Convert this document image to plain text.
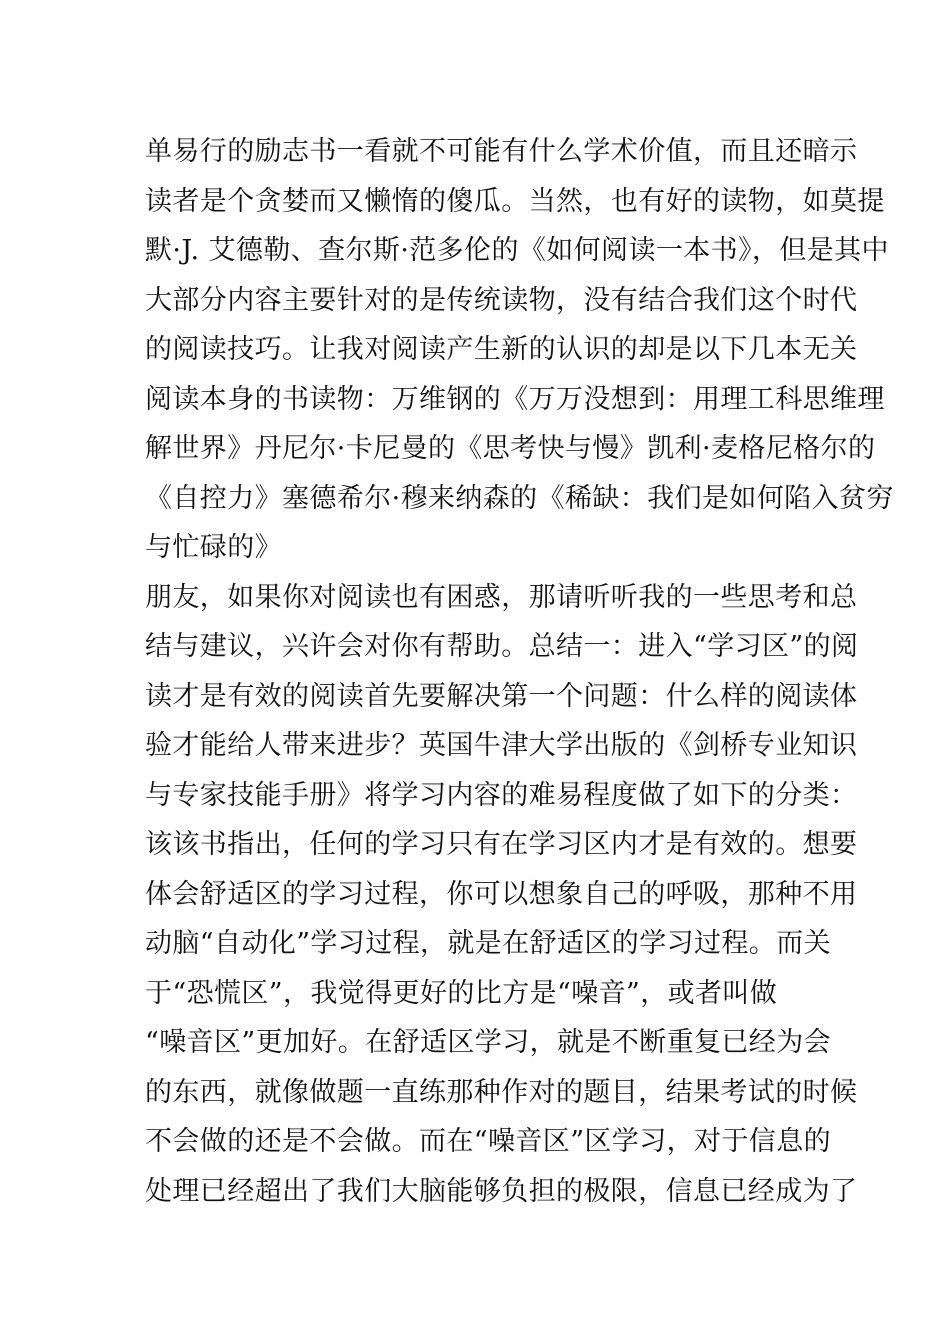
单易行的励志书一看就不可能有什么学术价值，而且还暗示
读者是个贪婪而又懒惰的傻瓜。当然，也有好的读物，如莫提
默·J. 艾德勒、查尔斯·范多伦的《如何阅读一本书》，但是其中
大部分内容主要针对的是传统读物，没有结合我们这个时代
的阅读技巧。让我对阅读产生新的认识的却是以下几本无关
阅读本身的书读物：万维钢的《万万没想到：用理工科思维理
解世界》丹尼尔·卡尼曼的《思考快与慢》凯利·麦格尼格尔的
《自控力》塞德希尔·穆来纳森的《稀缺：我们是如何陷入贫穷
与忙碌的》
朋友，如果你对阅读也有困惑，那请听听我的一些思考和总
结与建议，兴许会对你有帮助。总结一：进入“学习区”的阅
读才是有效的阅读首先要解决第一个问题：什么样的阅读体
验才能给人带来进步？英国牛津大学出版的《剑桥专业知识
与专家技能手册》将学习内容的难易程度做了如下的分类：
该该书指出，任何的学习只有在学习区内才是有效的。想要
体会舒适区的学习过程，你可以想象自己的呼吸，那种不用
动脑“自动化”学习过程，就是在舒适区的学习过程。而关
于“恐慌区”，我觉得更好的比方是“噪音”，或者叫做
“噪音区”更加好。在舒适区学习，就是不断重复已经为会
的东西，就像做题一直练那种作对的题目，结果考试的时候
不会做的还是不会做。而在“噪音区”区学习，对于信息的
处理已经超出了我们大脑能够负担的极限，信息已经成为了
